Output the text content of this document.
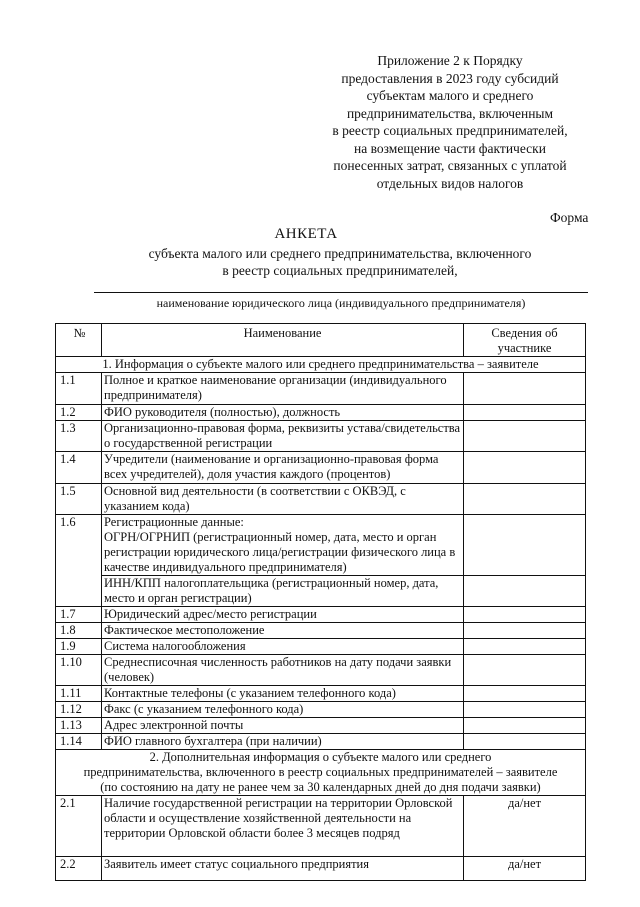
Приложение 2 к Порядку
предоставления в 2023 году субсидий
субъектам малого и среднего
предпринимательства, включенным
в реестр социальных предпринимателей,
на возмещение части фактически
понесенных затрат, связанных с уплатой
отдельных видов налогов
Форма
АНКЕТА
субъекта малого или среднего предпринимательства, включенного
в реестр социальных предпринимателей,
наименование юридического лица (индивидуального предпринимателя)
№	Наименование	Сведения об участнике
1. Информация о субъекте малого или среднего предпринимательства – заявителе		
1.1	Полное и краткое наименование организации (индивидуального предпринимателя)	
1.2	ФИО руководителя (полностью), должность	
1.3	Организационно-правовая форма, реквизиты устава/свидетельства о государственной регистрации	
1.4	Учредители (наименование и организационно-правовая форма всех учредителей), доля участия каждого (процентов)	
1.5	Основной вид деятельности (в соответствии с ОКВЭД, с указанием кода)	
1.6	Регистрационные данные:	
	ОГРН/ОГРНИП (регистрационный номер, дата, место и орган регистрации юридического лица/регистрации физического лица в качестве индивидуального предпринимателя)	
	ИНН/КПП налогоплательщика (регистрационный номер, дата, место и орган регистрации)	
1.7	Юридический адрес/место регистрации	
1.8	Фактическое местоположение	
1.9	Система налогообложения	
1.10	Среднесписочная численность работников на дату подачи заявки (человек)	
1.11	Контактные телефоны (с указанием телефонного кода)	
1.12	Факс (с указанием телефонного кода)	
1.13	Адрес электронной почты	
1.14	ФИО главного бухгалтера (при наличии)	

2. Дополнительная информация о субъекте малого или среднего
предпринимательства, включенного в реестр социальных предпринимателей – заявителе
(по состоянию на дату не ранее чем за 30 календарных дней до дня подачи заявки)		

2.1	Наличие государственной регистрации на территории Орловской области и осуществление хозяйственной деятельности на территории Орловской области более 3 месяцев подряд	да/нет
2.2	Заявитель имеет статус социального предприятия	да/нет
